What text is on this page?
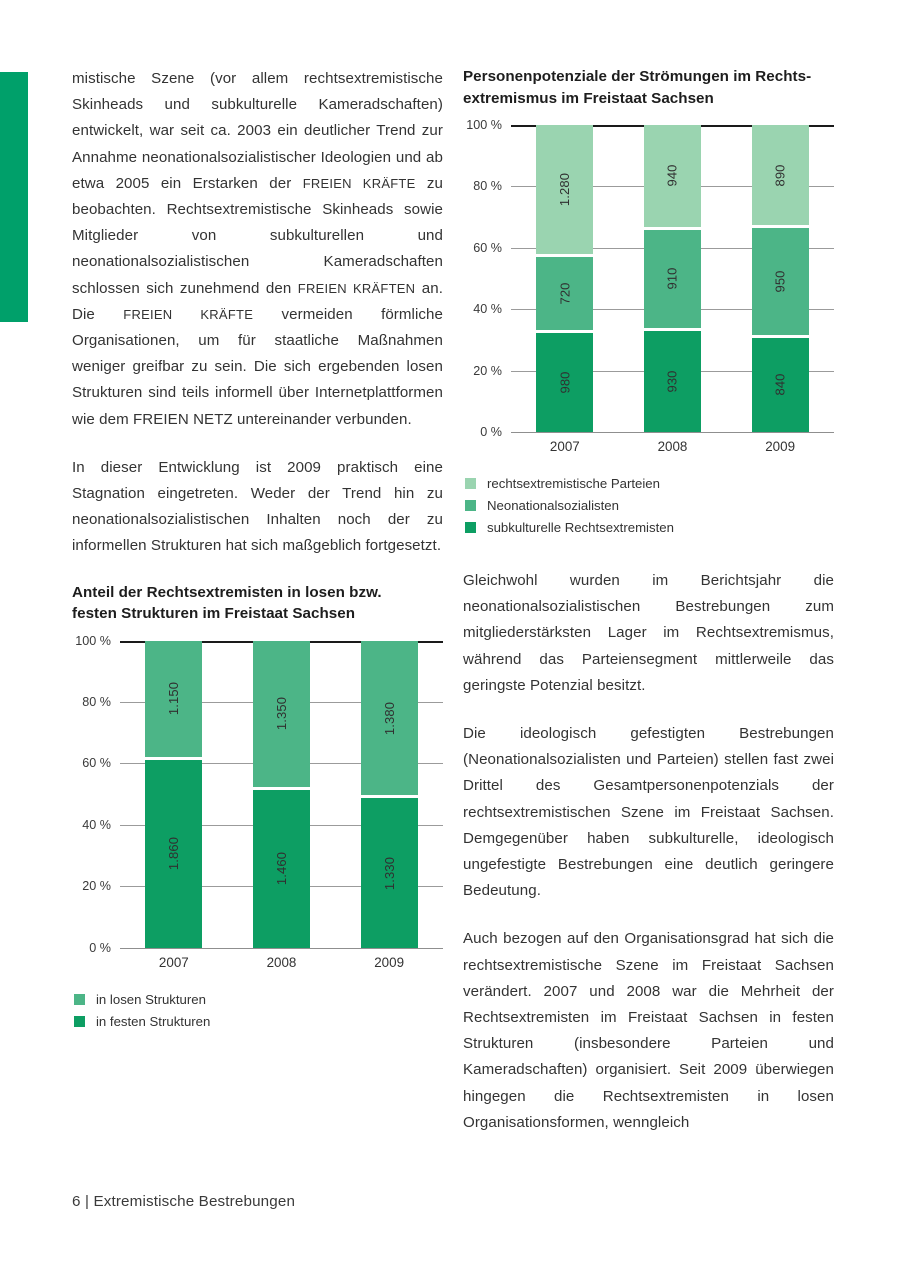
mistische Szene (vor allem rechtsextremistische Skinheads und subkulturelle Kameradschaften) entwickelt, war seit ca. 2003 ein deutlicher Trend zur Annahme neonationalsozialistischer Ideologien und ab etwa 2005 ein Erstarken der FREIEN KRÄFTE zu beobachten. Rechtsextremistische Skinheads sowie Mitglieder von subkulturellen und neonationalsozialistischen Kameradschaften schlossen sich zunehmend den FREIEN KRÄFTEN an. Die FREIEN KRÄFTE vermeiden förmliche Organisationen, um für staatliche Maßnahmen weniger greifbar zu sein. Die sich ergebenden losen Strukturen sind teils informell über Internetplattformen wie dem FREIEN NETZ untereinander verbunden.

In dieser Entwicklung ist 2009 praktisch eine Stagnation eingetreten. Weder der Trend hin zu neonationalsozialistischen Inhalten noch der zu informellen Strukturen hat sich maßgeblich fortgesetzt.

Anteil der Rechtsextremisten in losen bzw.
festen Strukturen im Freistaat Sachsen
100 %
80 %
60 %
40 %
20 %
0 %
1.150
1.860
1.350
1.460
1.380
1.330
2007	2008	2009
in losen Strukturen
in festen Strukturen
Personenpotenziale der Strömungen im Rechts-
extremismus im Freistaat Sachsen
100 %
80 %
60 %
40 %
20 %
0 %
1.280
720
980
940
910
930
890
950
840
2007	2008	2009
rechtsextremistische Parteien
Neonationalsozialisten
subkulturelle Rechtsextremisten

Gleichwohl wurden im Berichtsjahr die neonationalsozialistischen Bestrebungen zum mitgliederstärksten Lager im Rechtsextremismus, während das Parteiensegment mittlerweile das geringste Potenzial besitzt.

Die ideologisch gefestigten Bestrebungen (Neonationalsozialisten und Parteien) stellen fast zwei Drittel des Gesamtpersonenpotenzials der rechtsextremistischen Szene im Freistaat Sachsen. Demgegenüber haben subkulturelle, ideologisch ungefestigte Bestrebungen eine deutlich geringere Bedeutung.

Auch bezogen auf den Organisationsgrad hat sich die rechtsextremistische Szene im Freistaat Sachsen verändert. 2007 und 2008 war die Mehrheit der Rechtsextremisten im Freistaat Sachsen in festen Strukturen (insbesondere Parteien und Kameradschaften) organisiert. Seit 2009 überwiegen hingegen die Rechtsextremisten in losen Organisationsformen, wenngleich

6 | Extremistische Bestrebungen
